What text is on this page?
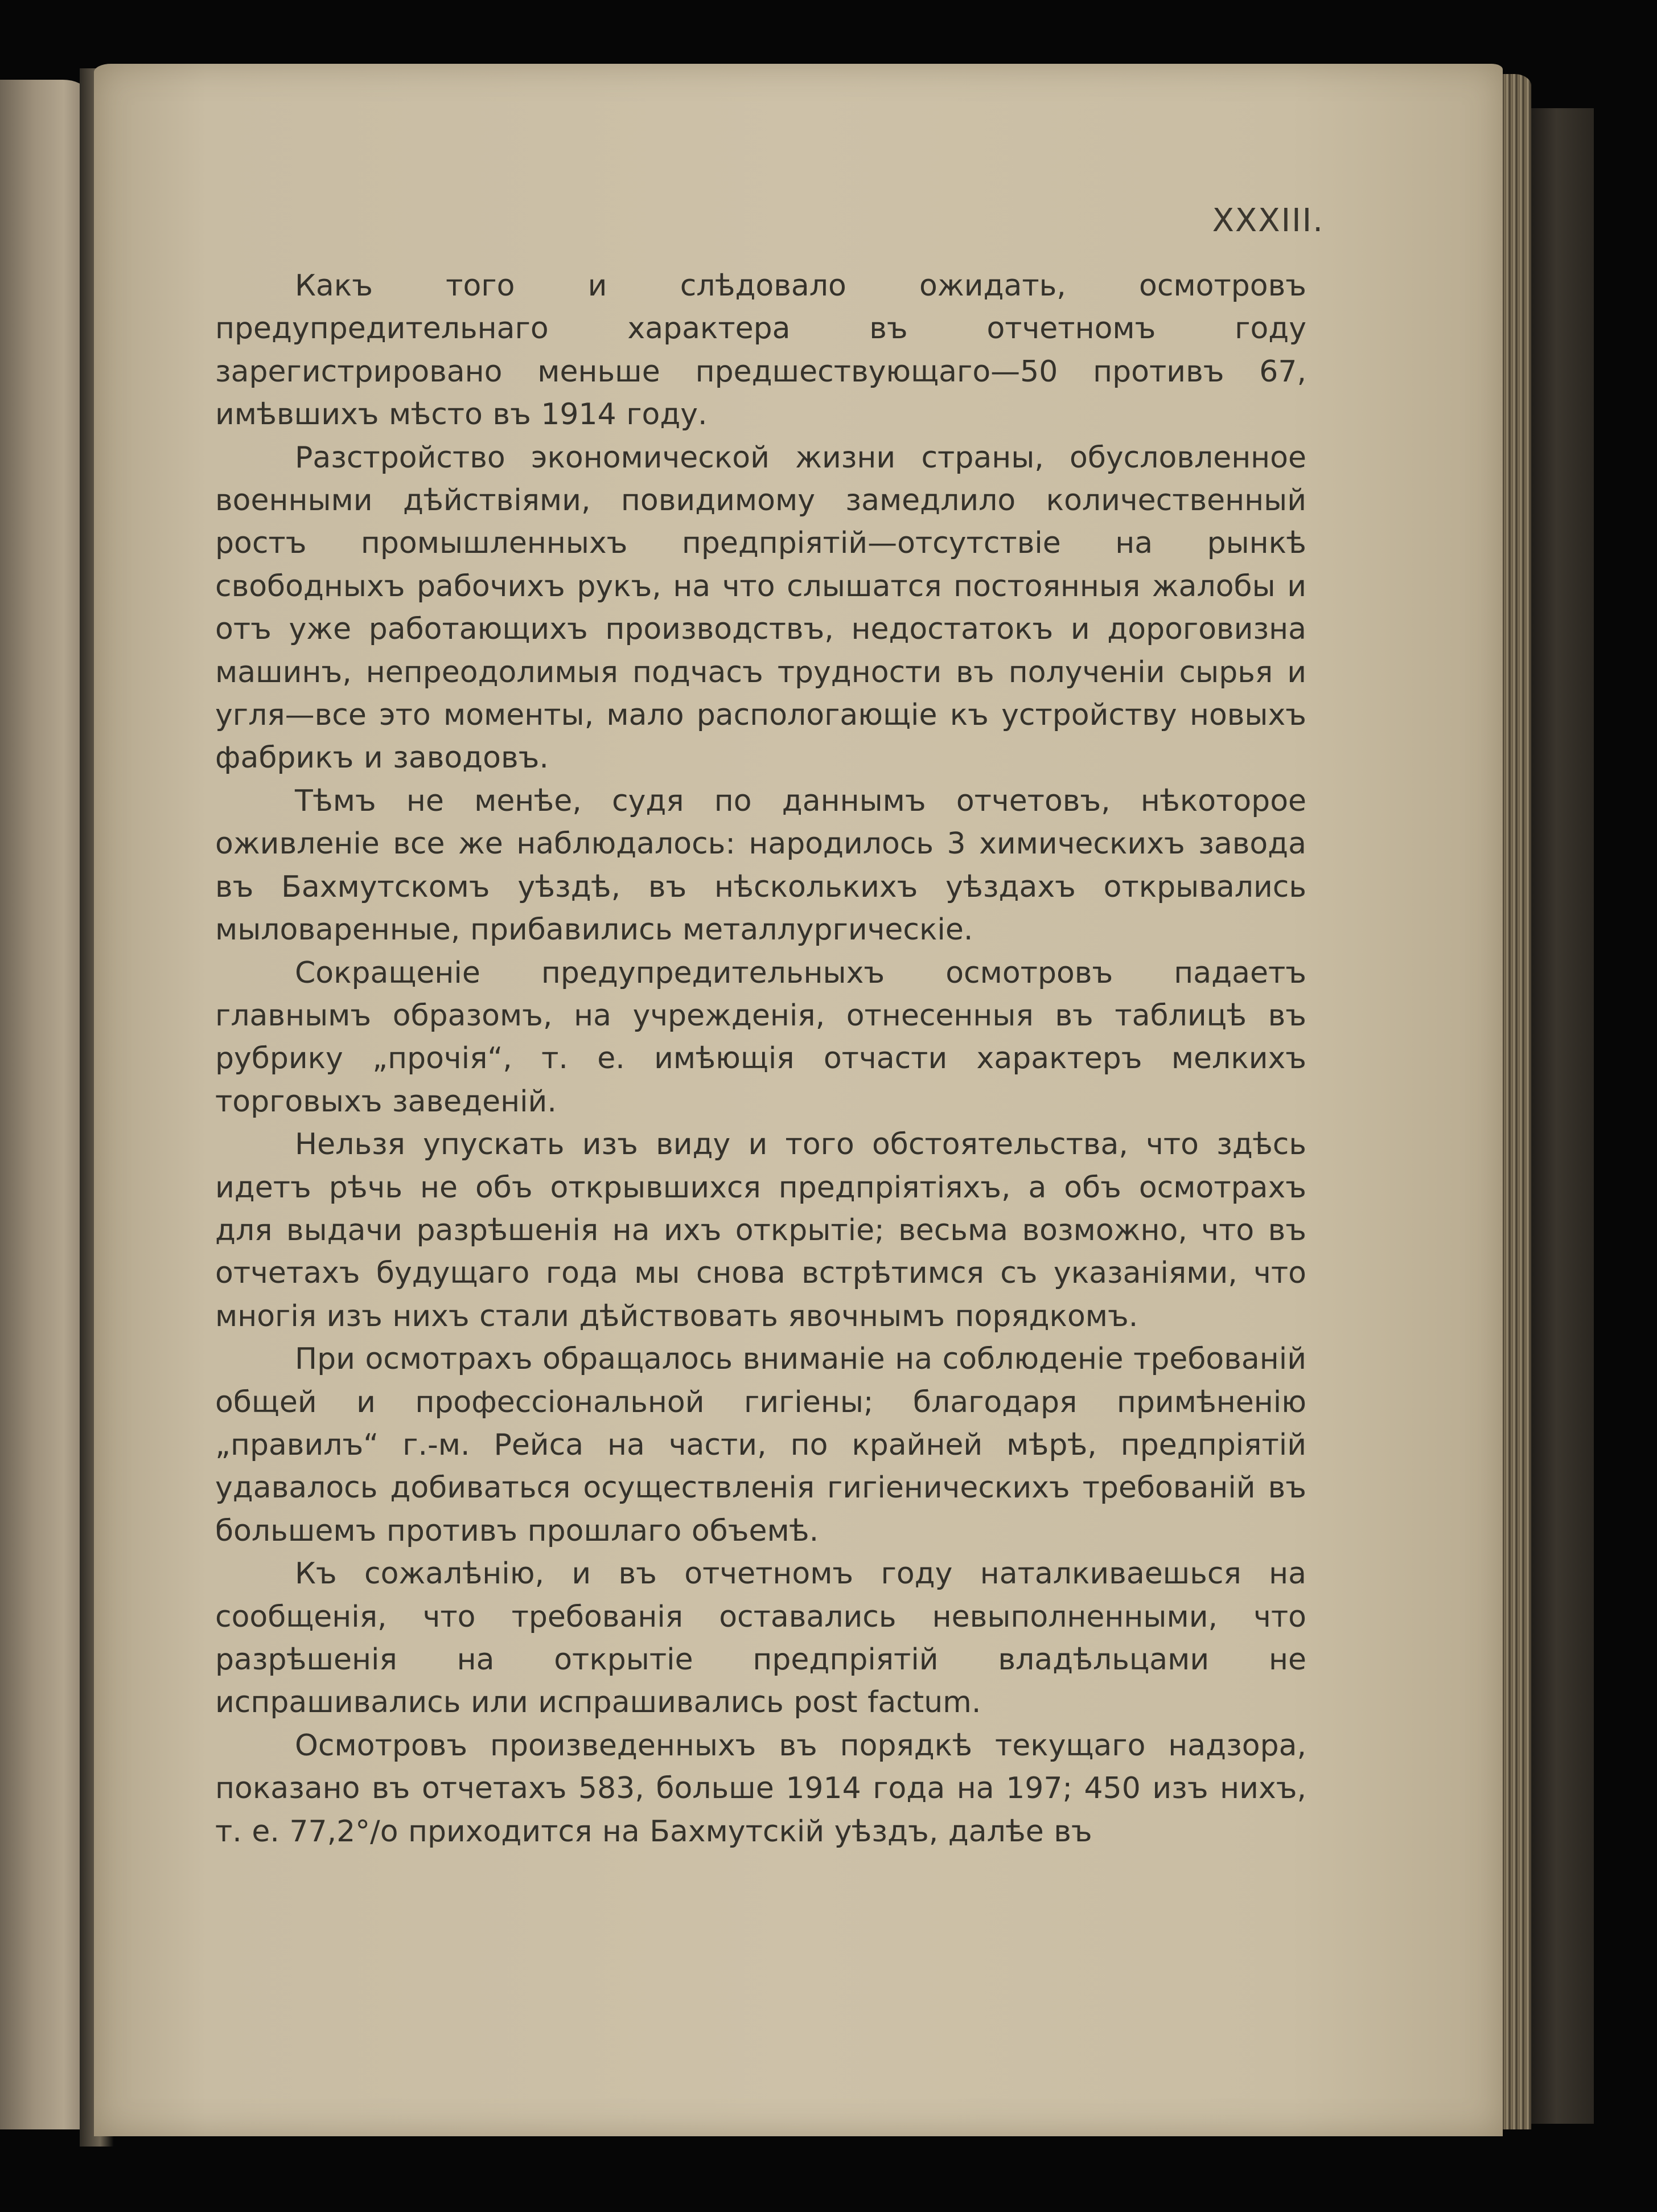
XXXIII.

Какъ того и слѣдовало ожидать, осмотровъ предупредительнаго характера въ отчетномъ году зарегистрировано меньше предшествующаго—50 противъ 67, имѣвшихъ мѣсто въ 1914 году.

Разстройство экономической жизни страны, обусловленное военными дѣйствіями, повидимому замедлило количественный ростъ промышленныхъ предпріятій—отсутствіе на рынкѣ свободныхъ рабочихъ рукъ, на что слышатся постоянныя жалобы и отъ уже работающихъ производствъ, недостатокъ и дороговизна машинъ, непреодолимыя подчасъ трудности въ полученіи сырья и угля—все это моменты, мало распологающіе къ устройству новыхъ фабрикъ и заводовъ.

Тѣмъ не менѣе, судя по даннымъ отчетовъ, нѣкоторое оживленіе все же наблюдалось: народилось 3 химическихъ завода въ Бахмутскомъ уѣздѣ, въ нѣсколькихъ уѣздахъ открывались мыловаренные, прибавились металлургическіе.

Сокращеніе предупредительныхъ осмотровъ падаетъ главнымъ образомъ, на учрежденія, отнесенныя въ таблицѣ въ рубрику „прочія“, т. е. имѣющія отчасти характеръ мелкихъ торговыхъ заведеній.

Нельзя упускать изъ виду и того обстоятельства, что здѣсь идетъ рѣчь не объ открывшихся предпріятіяхъ, а объ осмотрахъ для выдачи разрѣшенія на ихъ открытіе; весьма возможно, что въ отчетахъ будущаго года мы снова встрѣтимся съ указаніями, что многія изъ нихъ стали дѣйствовать явочнымъ порядкомъ.

При осмотрахъ обращалось вниманіе на соблюденіе требованій общей и профессіональной гигіены; благодаря примѣненію „правилъ“ г.-м. Рейса на части, по крайней мѣрѣ, предпріятій удавалось добиваться осуществленія гигіеническихъ требованій въ большемъ противъ прошлаго объемѣ.

Къ сожалѣнію, и въ отчетномъ году наталкиваешься на сообщенія, что требованія оставались невыполненными, что разрѣшенія на открытіе предпріятій владѣльцами не испрашивались или испрашивались post factum.

Осмотровъ произведенныхъ въ порядкѣ текущаго надзора, показано въ отчетахъ 583, больше 1914 года на 197; 450 изъ нихъ, т. е. 77,2°/o приходится на Бахмутскій уѣздъ, далѣе въ
